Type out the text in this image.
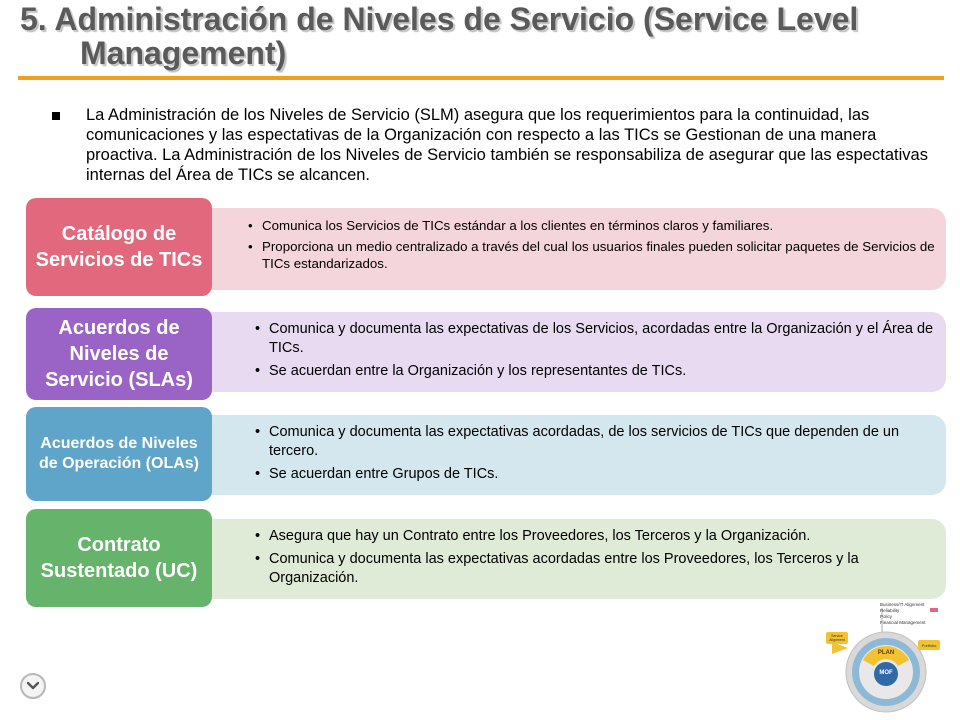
5. Administración de Niveles de Servicio (Service Level
Management)
La Administración de los Niveles de Servicio (SLM) asegura que los requerimientos para la continuidad, las comunicaciones y las espectativas de la Organización con respecto a las TICs se Gestionan de una manera proactiva. La Administración de los Niveles de Servicio también se responsabiliza de asegurar que las espectativas internas del Área de TICs se alcancen.
• Comunica los Servicios de TICs estándar a los clientes en términos claros y familiares.
• Proporciona un medio centralizado a través del cual los usuarios finales pueden solicitar paquetes de Servicios de TICs estandarizados.
Catálogo de Servicios de TICs
• Comunica y documenta las expectativas de los Servicios, acordadas entre la Organización y el Área de TICs.
• Se acuerdan entre la Organización y los representantes de TICs.
Acuerdos de Niveles de Servicio (SLAs)
• Comunica y documenta las expectativas acordadas, de los servicios de TICs que dependen de un tercero.
• Se acuerdan entre Grupos de TICs.
Acuerdos de Niveles de Operación (OLAs)
• Asegura que hay un Contrato entre los Proveedores, los Terceros y la Organización.
• Comunica y documenta las expectativas acordadas entre los Proveedores, los Terceros y la Organización.
Contrato Sustentado (UC)
Business/IT Alignment
Reliability
Policy
Financial Management
Service Alignment
Portfolio
PLAN
MOF
